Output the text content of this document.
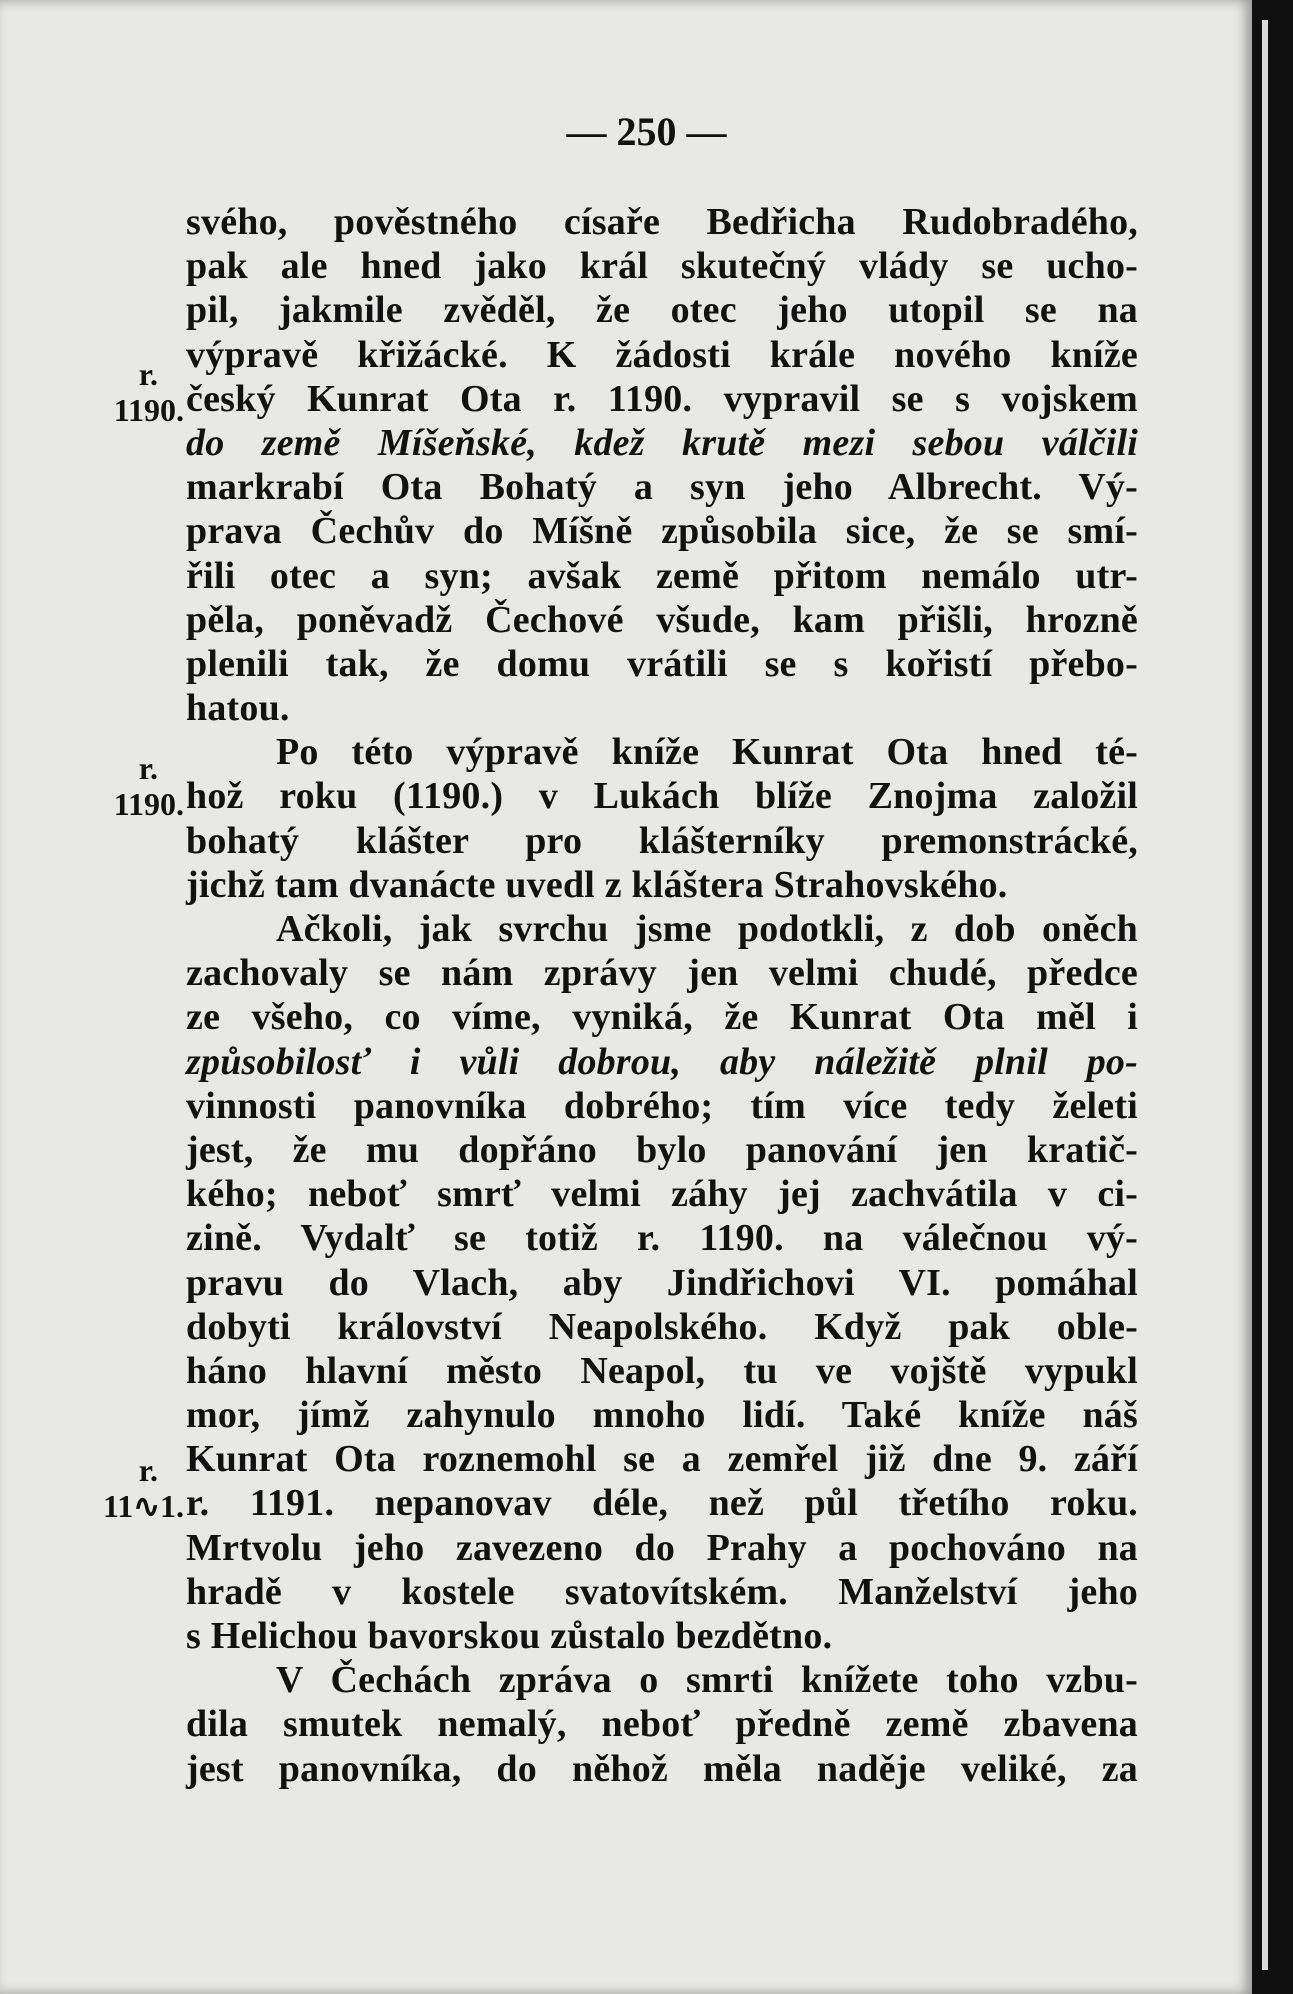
— 250 —
r.
1190.
r.
1190.
r.
11∿1.
svého, pověstného císaře Bedřicha Rudobradého,
pak ale hned jako král skutečný vlády se ucho-
pil, jakmile zvěděl, že otec jeho utopil se na
výpravě křižácké. K žádosti krále nového kníže
český Kunrat Ota r. 1190. vypravil se s vojskem
do země Míšeňské, kdež krutě mezi sebou válčili
markrabí Ota Bohatý a syn jeho Albrecht. Vý-
prava Čechův do Míšně způsobila sice, že se smí-
řili otec a syn; avšak země přitom nemálo utr-
pěla, poněvadž Čechové všude, kam přišli, hrozně
plenili tak, že domu vrátili se s kořistí přebo-
hatou.
Po této výpravě kníže Kunrat Ota hned té-
hož roku (1190.) v Lukách blíže Znojma založil
bohatý klášter pro klášterníky premonstrácké,
jichž tam dvanácte uvedl z kláštera Strahovského.
Ačkoli, jak svrchu jsme podotkli, z dob oněch
zachovaly se nám zprávy jen velmi chudé, předce
ze všeho, co víme, vyniká, že Kunrat Ota měl i
způsobilosť i vůli dobrou, aby náležitě plnil po-
vinnosti panovníka dobrého; tím více tedy želeti
jest, že mu dopřáno bylo panování jen kratič-
kého; neboť smrť velmi záhy jej zachvátila v ci-
zině. Vydalť se totiž r. 1190. na válečnou vý-
pravu do Vlach, aby Jindřichovi VI. pomáhal
dobyti království Neapolského. Když pak oble-
háno hlavní město Neapol, tu ve vojště vypukl
mor, jímž zahynulo mnoho lidí. Také kníže náš
Kunrat Ota roznemohl se a zemřel již dne 9. září
r. 1191. nepanovav déle, než půl třetího roku.
Mrtvolu jeho zavezeno do Prahy a pochováno na
hradě v kostele svatovítském. Manželství jeho
s Helichou bavorskou zůstalo bezdětno.
V Čechách zpráva o smrti knížete toho vzbu-
dila smutek nemalý, neboť předně země zbavena
jest panovníka, do něhož měla naděje veliké, za
